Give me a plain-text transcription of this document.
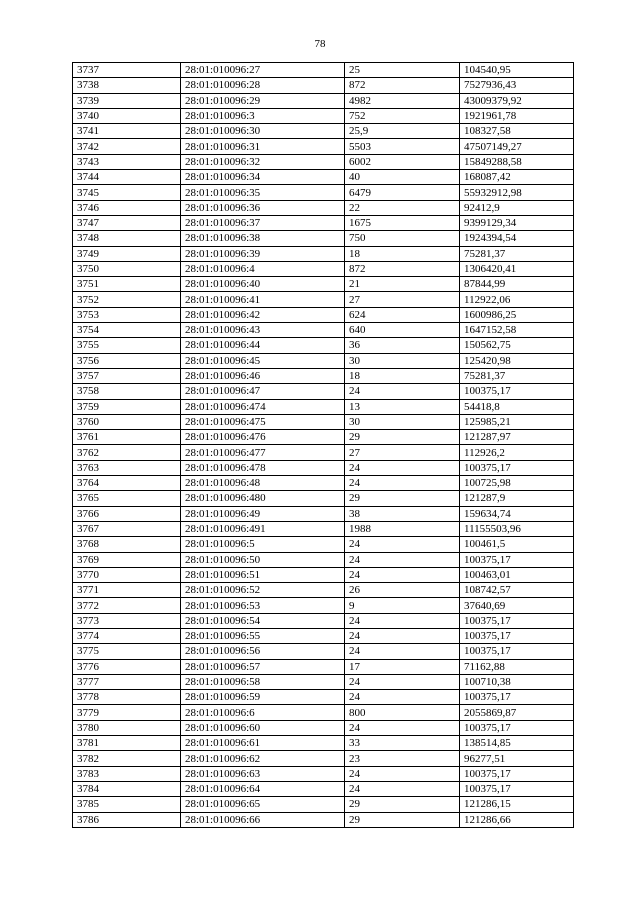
78
3737	28:01:010096:27	25	104540,95
3738	28:01:010096:28	872	7527936,43
3739	28:01:010096:29	4982	43009379,92
3740	28:01:010096:3	752	1921961,78
3741	28:01:010096:30	25,9	108327,58
3742	28:01:010096:31	5503	47507149,27
3743	28:01:010096:32	6002	15849288,58
3744	28:01:010096:34	40	168087,42
3745	28:01:010096:35	6479	55932912,98
3746	28:01:010096:36	22	92412,9
3747	28:01:010096:37	1675	9399129,34
3748	28:01:010096:38	750	1924394,54
3749	28:01:010096:39	18	75281,37
3750	28:01:010096:4	872	1306420,41
3751	28:01:010096:40	21	87844,99
3752	28:01:010096:41	27	112922,06
3753	28:01:010096:42	624	1600986,25
3754	28:01:010096:43	640	1647152,58
3755	28:01:010096:44	36	150562,75
3756	28:01:010096:45	30	125420,98
3757	28:01:010096:46	18	75281,37
3758	28:01:010096:47	24	100375,17
3759	28:01:010096:474	13	54418,8
3760	28:01:010096:475	30	125985,21
3761	28:01:010096:476	29	121287,97
3762	28:01:010096:477	27	112926,2
3763	28:01:010096:478	24	100375,17
3764	28:01:010096:48	24	100725,98
3765	28:01:010096:480	29	121287,9
3766	28:01:010096:49	38	159634,74
3767	28:01:010096:491	1988	11155503,96
3768	28:01:010096:5	24	100461,5
3769	28:01:010096:50	24	100375,17
3770	28:01:010096:51	24	100463,01
3771	28:01:010096:52	26	108742,57
3772	28:01:010096:53	9	37640,69
3773	28:01:010096:54	24	100375,17
3774	28:01:010096:55	24	100375,17
3775	28:01:010096:56	24	100375,17
3776	28:01:010096:57	17	71162,88
3777	28:01:010096:58	24	100710,38
3778	28:01:010096:59	24	100375,17
3779	28:01:010096:6	800	2055869,87
3780	28:01:010096:60	24	100375,17
3781	28:01:010096:61	33	138514,85
3782	28:01:010096:62	23	96277,51
3783	28:01:010096:63	24	100375,17
3784	28:01:010096:64	24	100375,17
3785	28:01:010096:65	29	121286,15
3786	28:01:010096:66	29	121286,66
